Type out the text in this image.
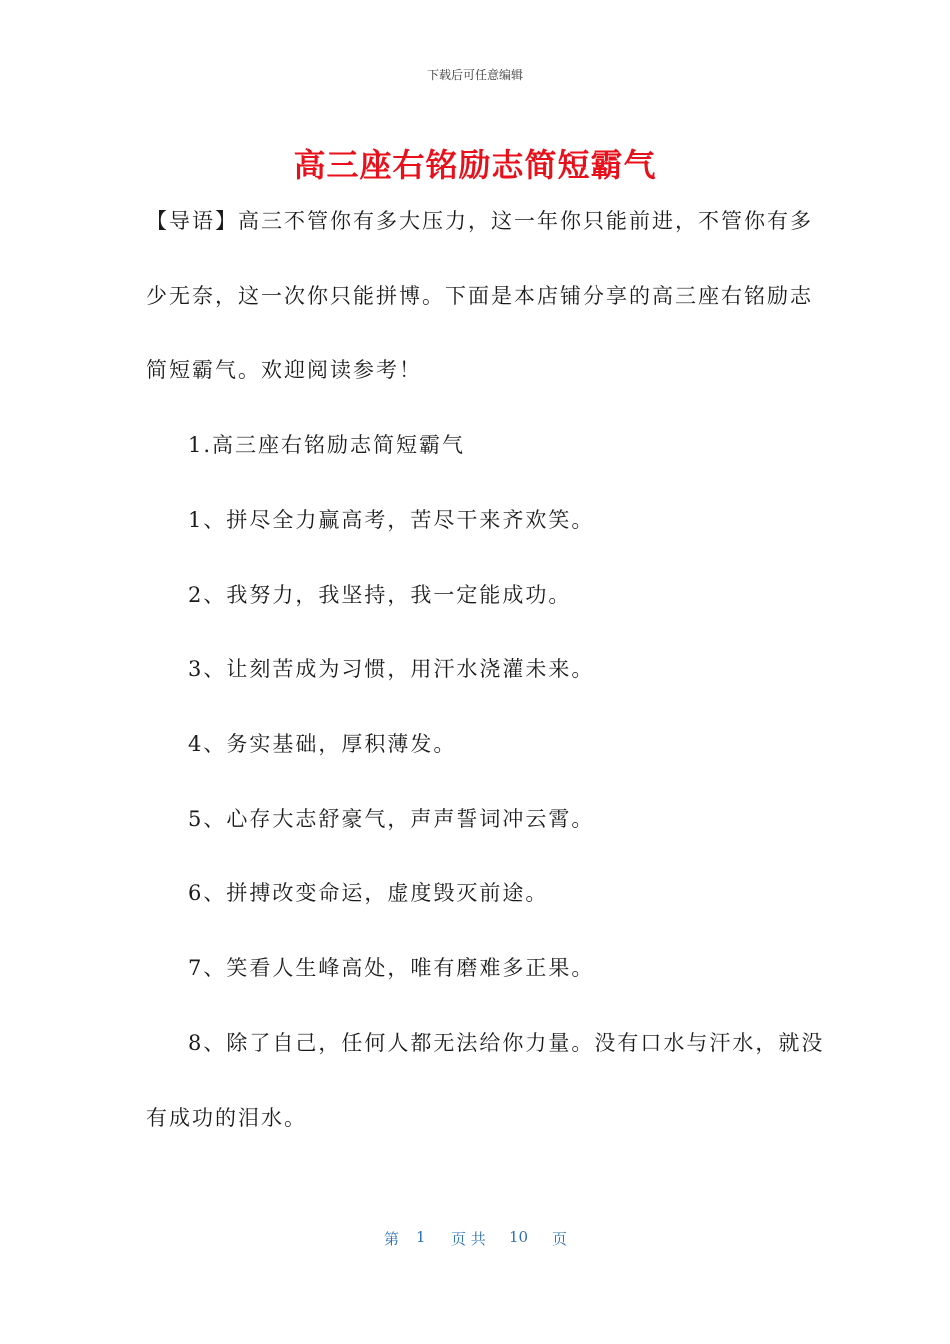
下载后可任意编辑
高三座右铭励志简短霸气
【导语】高三不管你有多大压力，这一年你只能前进，不管你有多
少无奈，这一次你只能拼博。下面是本店铺分享的高三座右铭励志
简短霸气。欢迎阅读参考！
1.高三座右铭励志简短霸气
1、拼尽全力赢高考，苦尽干来齐欢笑。
2、我努力，我坚持，我一定能成功。
3、让刻苦成为习惯，用汗水浇灌未来。
4、务实基础，厚积薄发。
5、心存大志舒豪气，声声誓词冲云霄。
6、拼搏改变命运，虚度毁灭前途。
7、笑看人生峰高处，唯有磨难多正果。
8、除了自己，任何人都无法给你力量。没有口水与汗水，就没
有成功的泪水。
第 1 页 共 10 页
